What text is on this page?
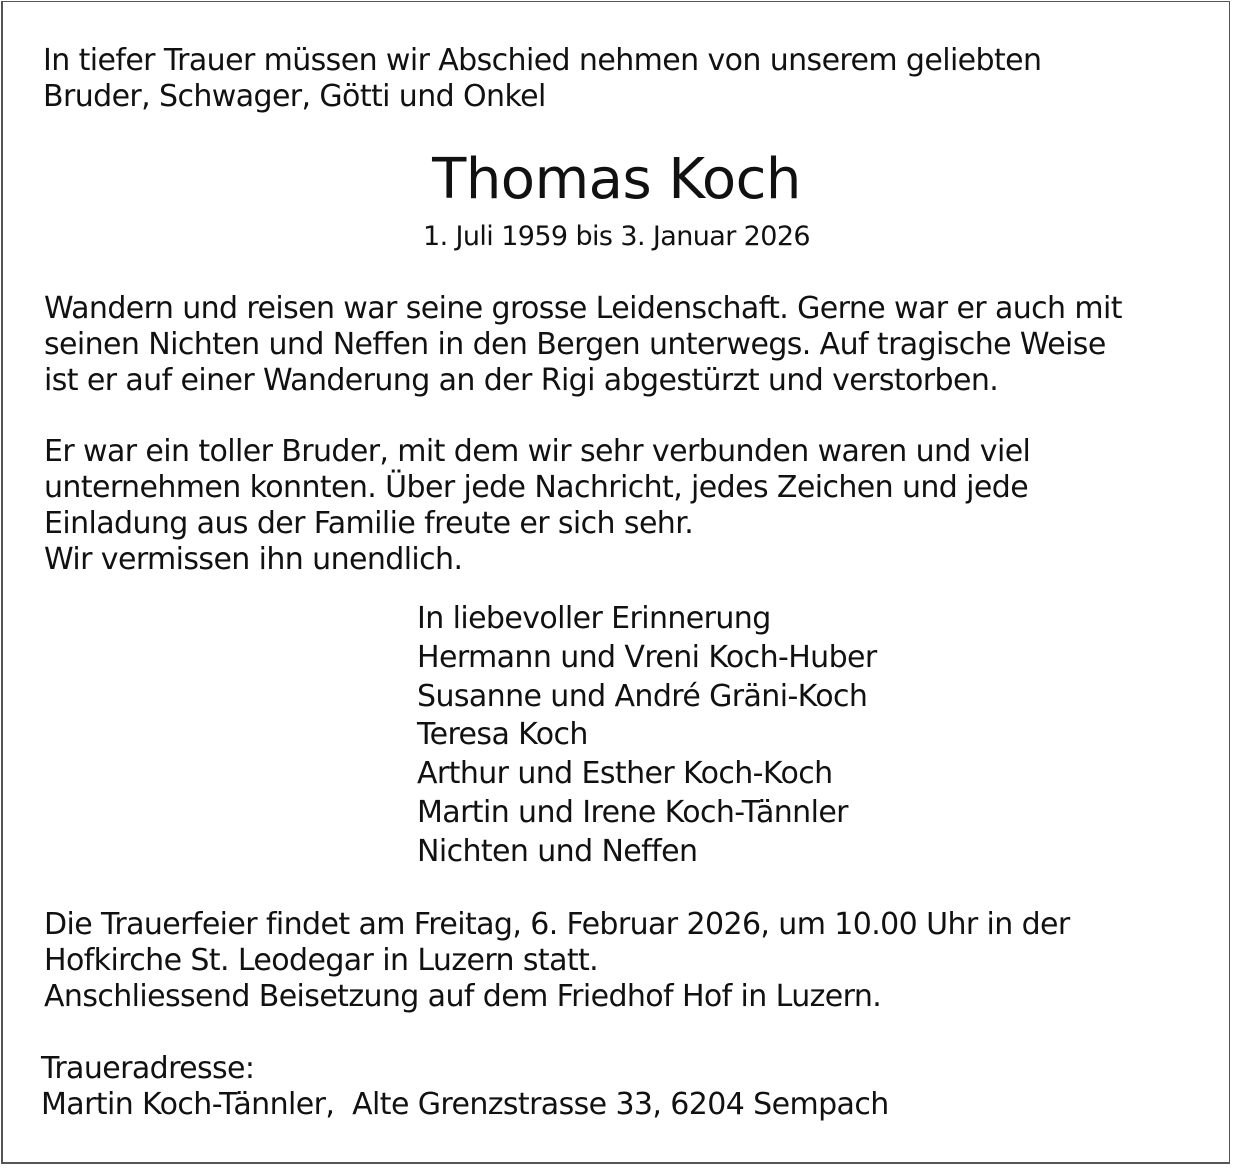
In tiefer Trauer müssen wir Abschied nehmen von unserem geliebten
Bruder, Schwager, Götti und Onkel
Thomas Koch
1. Juli 1959 bis 3. Januar 2026
Wandern und reisen war seine grosse Leidenschaft. Gerne war er auch mit
seinen Nichten und Neffen in den Bergen unterwegs. Auf tragische Weise
ist er auf einer Wanderung an der Rigi abgestürzt und verstorben.
Er war ein toller Bruder, mit dem wir sehr verbunden waren und viel
unternehmen konnten. Über jede Nachricht, jedes Zeichen und jede
Einladung aus der Familie freute er sich sehr.
Wir vermissen ihn unendlich.
In liebevoller Erinnerung
Hermann und Vreni Koch-Huber
Susanne und André Gräni-Koch
Teresa Koch
Arthur und Esther Koch-Koch
Martin und Irene Koch-Tännler
Nichten und Neffen
Die Trauerfeier findet am Freitag, 6. Februar 2026, um 10.00 Uhr in der
Hofkirche St. Leodegar in Luzern statt.
Anschliessend Beisetzung auf dem Friedhof Hof in Luzern.
Traueradresse:
Martin Koch-Tännler,  Alte Grenzstrasse 33, 6204 Sempach
